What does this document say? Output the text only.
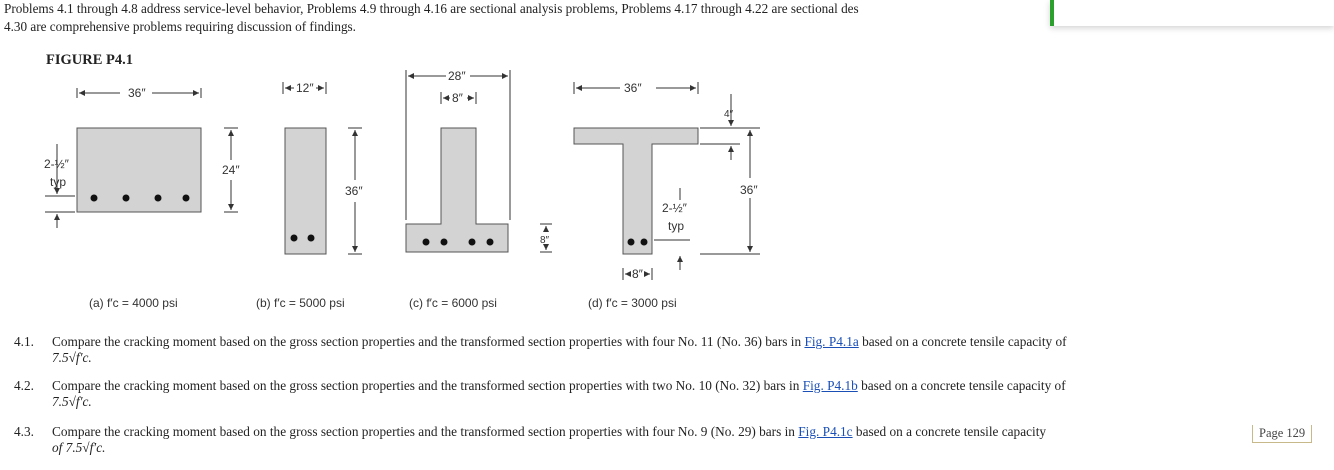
Problems 4.1 through 4.8 address service-level behavior, Problems 4.9 through 4.16 are sectional analysis problems, Problems 4.17 through 4.22 are sectional des

4.30 are comprehensive problems requiring discussion of findings.

FIGURE P4.1
36″
24″
2-½″
typ
12″
36″
28″
8″
8″
36″
4″
36″
2-½″
typ
8″
(a) f′c = 4000 psi	(b) f′c = 5000 psi	(c) f′c = 6000 psi	(d) f′c = 3000 psi
4.1. Compare the cracking moment based on the gross section properties and the transformed section properties with four No. 11 (No. 36) bars in Fig. P4.1a based on a concrete tensile capacity of
7.5√f′c.
4.2. Compare the cracking moment based on the gross section properties and the transformed section properties with two No. 10 (No. 32) bars in Fig. P4.1b based on a concrete tensile capacity of
7.5√f′c.
4.3. Compare the cracking moment based on the gross section properties and the transformed section properties with four No. 9 (No. 29) bars in Fig. P4.1c based on a concrete tensile capacity
of 7.5√f′c.
Page 129
